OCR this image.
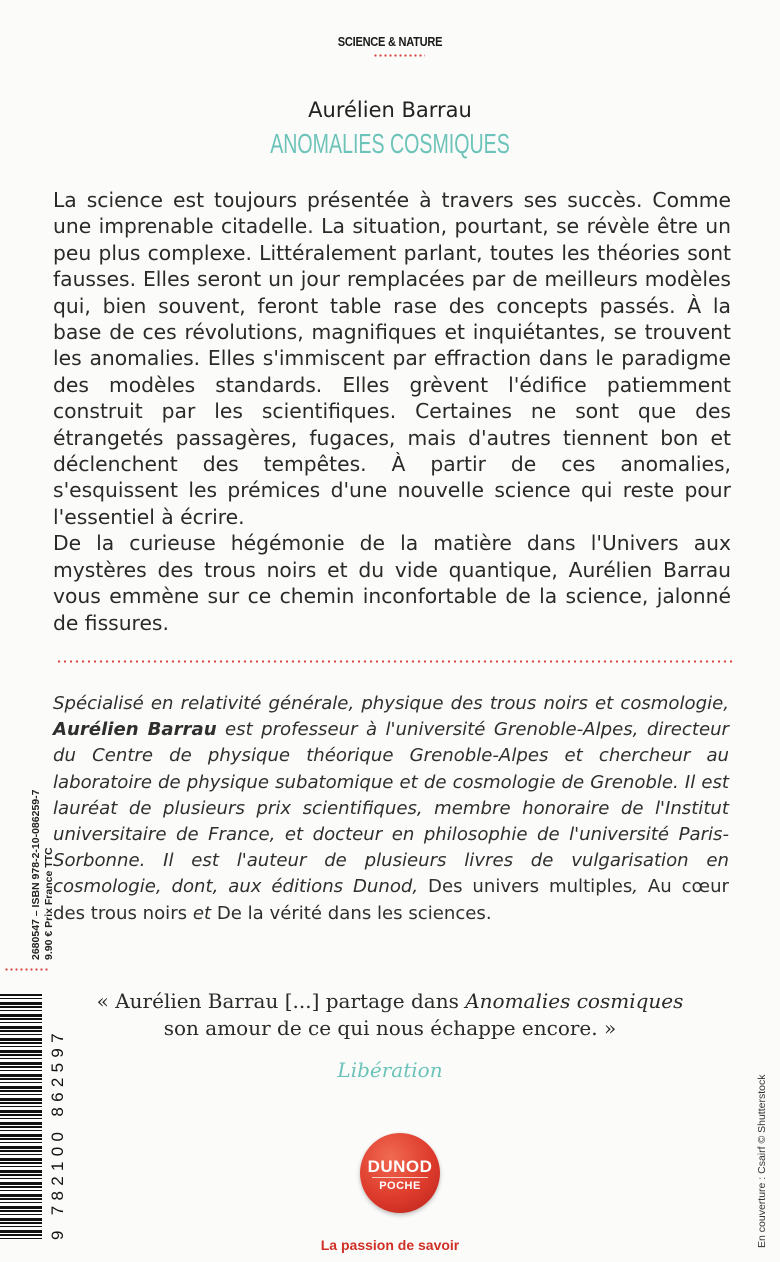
SCIENCE & NATURE
Aurélien Barrau
ANOMALIES COSMIQUES

La science est toujours présentée à travers ses succès. Comme une imprenable citadelle. La situation, pourtant, se révèle être un peu plus complexe. Littéralement parlant, toutes les théories sont fausses. Elles seront un jour remplacées par de meilleurs modèles qui, bien souvent, feront table rase des concepts passés. À la base de ces révolutions, magnifiques et inquiétantes, se trouvent les anomalies. Elles s'immiscent par effraction dans le paradigme des modèles standards. Elles grèvent l'édifice patiemment construit par les scientifiques. Certaines ne sont que des étrangetés passagères, fugaces, mais d'autres tiennent bon et déclenchent des tempêtes. À partir de ces anomalies, s'esquissent les prémices d'une nouvelle science qui reste pour l'essentiel à écrire.

De la curieuse hégémonie de la matière dans l'Univers aux mystères des trous noirs et du vide quantique, Aurélien Barrau vous emmène sur ce chemin inconfortable de la science, jalonné de fissures.

Spécialisé en relativité générale, physique des trous noirs et cosmologie, Aurélien Barrau est professeur à l'université Grenoble-Alpes, directeur du Centre de physique théorique Grenoble-Alpes et chercheur au laboratoire de physique subatomique et de cosmologie de Grenoble. Il est lauréat de plusieurs prix scientifiques, membre honoraire de l'Institut universitaire de France, et docteur en philosophie de l'université Paris-Sorbonne. Il est l'auteur de plusieurs livres de vulgarisation en cosmologie, dont, aux éditions Dunod, Des univers multiples, Au cœur des trous noirs et De la vérité dans les sciences.

« Aurélien Barrau [...] partage dans Anomalies cosmiques son amour de ce qui nous échappe encore. »
Libération
DUNOD
POCHE
La passion de savoir
2680547 – ISBN 978-2-10-086259-7 9.90 € Prix France TTC
9 782100 862597	En couverture : Csairf © Shutterstock
